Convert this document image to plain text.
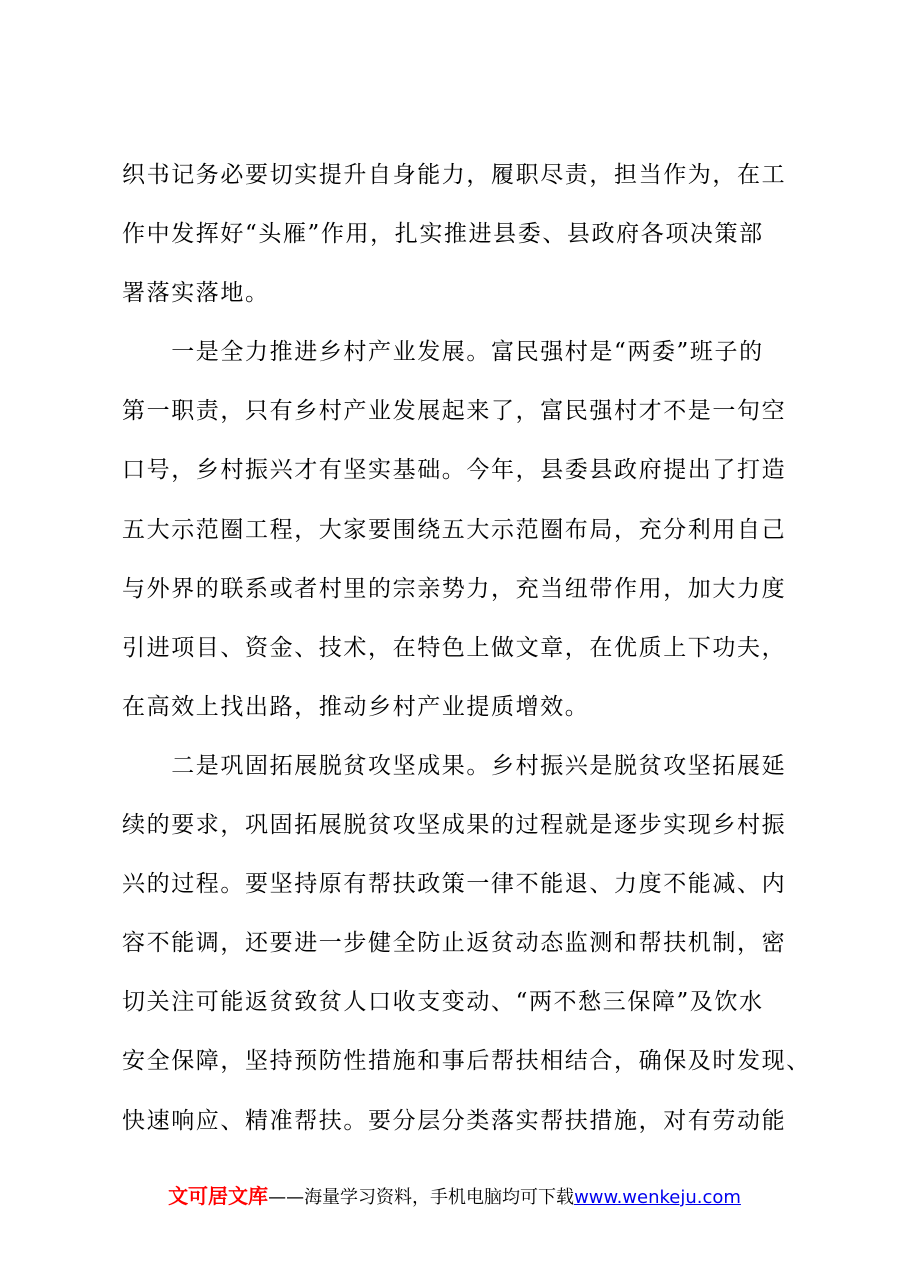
织书记务必要切实提升自身能力，履职尽责，担当作为，在工
作中发挥好“头雁”作用，扎实推进县委、县政府各项决策部
署落实落地。
　　一是全力推进乡村产业发展。富民强村是“两委”班子的
第一职责，只有乡村产业发展起来了，富民强村才不是一句空
口号，乡村振兴才有坚实基础。今年，县委县政府提出了打造
五大示范圈工程，大家要围绕五大示范圈布局，充分利用自己
与外界的联系或者村里的宗亲势力，充当纽带作用，加大力度
引进项目、资金、技术，在特色上做文章，在优质上下功夫，
在高效上找出路，推动乡村产业提质增效。
　　二是巩固拓展脱贫攻坚成果。乡村振兴是脱贫攻坚拓展延
续的要求，巩固拓展脱贫攻坚成果的过程就是逐步实现乡村振
兴的过程。要坚持原有帮扶政策一律不能退、力度不能减、内
容不能调，还要进一步健全防止返贫动态监测和帮扶机制，密
切关注可能返贫致贫人口收支变动、“两不愁三保障”及饮水
安全保障，坚持预防性措施和事后帮扶相结合，确保及时发现、
快速响应、精准帮扶。要分层分类落实帮扶措施，对有劳动能
文可居文库——海量学习资料，手机电脑均可下载www.wenkeju.com
